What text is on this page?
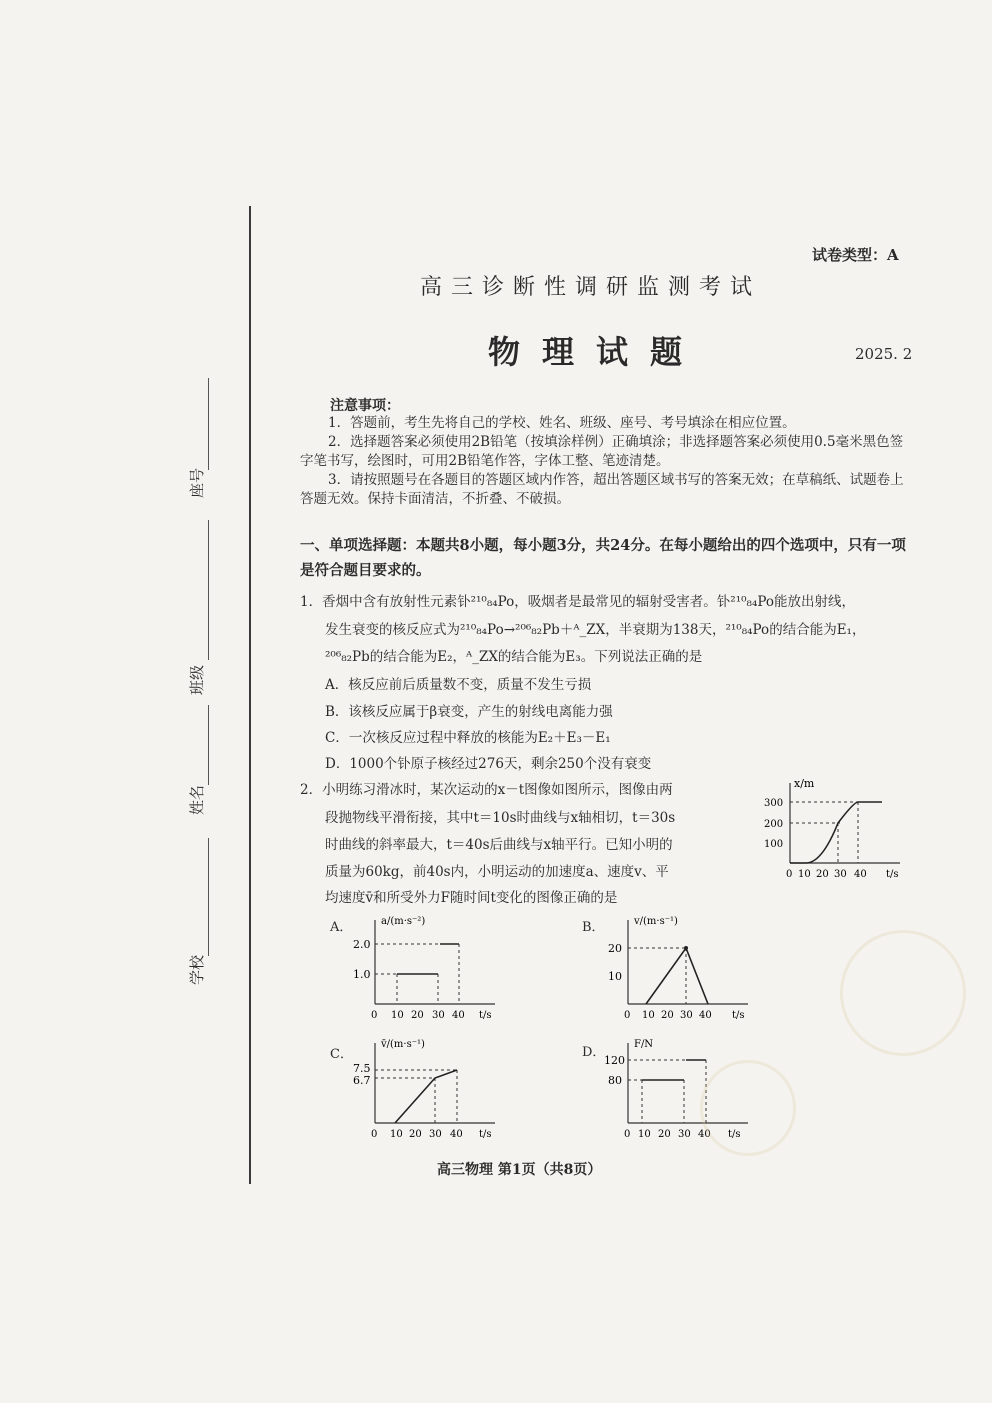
座号
班级
姓名
学校
试卷类型：A
高三诊断性调研监测考试
物理试题	2025. 2
注意事项：
1．答题前，考生先将自己的学校、姓名、班级、座号、考号填涂在相应位置。
2．选择题答案必须使用2B铅笔（按填涂样例）正确填涂；非选择题答案必须使用0.5毫米黑色签字笔书写，绘图时，可用2B铅笔作答，字体工整、笔迹清楚。
3．请按照题号在各题目的答题区域内作答，超出答题区域书写的答案无效；在草稿纸、试题卷上答题无效。保持卡面清洁，不折叠、不破损。
一、单项选择题：本题共8小题，每小题3分，共24分。在每小题给出的四个选项中，只有一项是符合题目要求的。
1．香烟中含有放射性元素钋²¹⁰₈₄Po，吸烟者是最常见的辐射受害者。钋²¹⁰₈₄Po能放出射线，
发生衰变的核反应式为²¹⁰₈₄Po→²⁰⁶₈₂Pb＋ᴬ_ZX，半衰期为138天，²¹⁰₈₄Po的结合能为E₁，
²⁰⁶₈₂Pb的结合能为E₂，ᴬ_ZX的结合能为E₃。下列说法正确的是
A．核反应前后质量数不变，质量不发生亏损
B．该核反应属于β衰变，产生的射线电离能力强
C．一次核反应过程中释放的核能为E₂＋E₃－E₁
D．1000个钋原子核经过276天，剩余250个没有衰变
2．小明练习滑冰时，某次运动的x－t图像如图所示，图像由两
段抛物线平滑衔接，其中t＝10s时曲线与x轴相切，t＝30s
时曲线的斜率最大，t＝40s后曲线与x轴平行。已知小明的
质量为60kg，前40s内，小明运动的加速度a、速度v、平
均速度v̄和所受外力F随时间t变化的图像正确的是
x/m
t/s
300
200
100
0 10 20 30 40
A．	a/(m·s⁻²)
t/s
2.0
1.0
0 10 20 30 40
B．	v/(m·s⁻¹)
t/s
20
10
0 10 20 30 40
C．
v̄/(m·s⁻¹)
t/s
7.5
6.7
0 10 20 30 40
D．
F/N
t/s
120
80
0 10 20 30 40
高三物理 第1页（共8页）
